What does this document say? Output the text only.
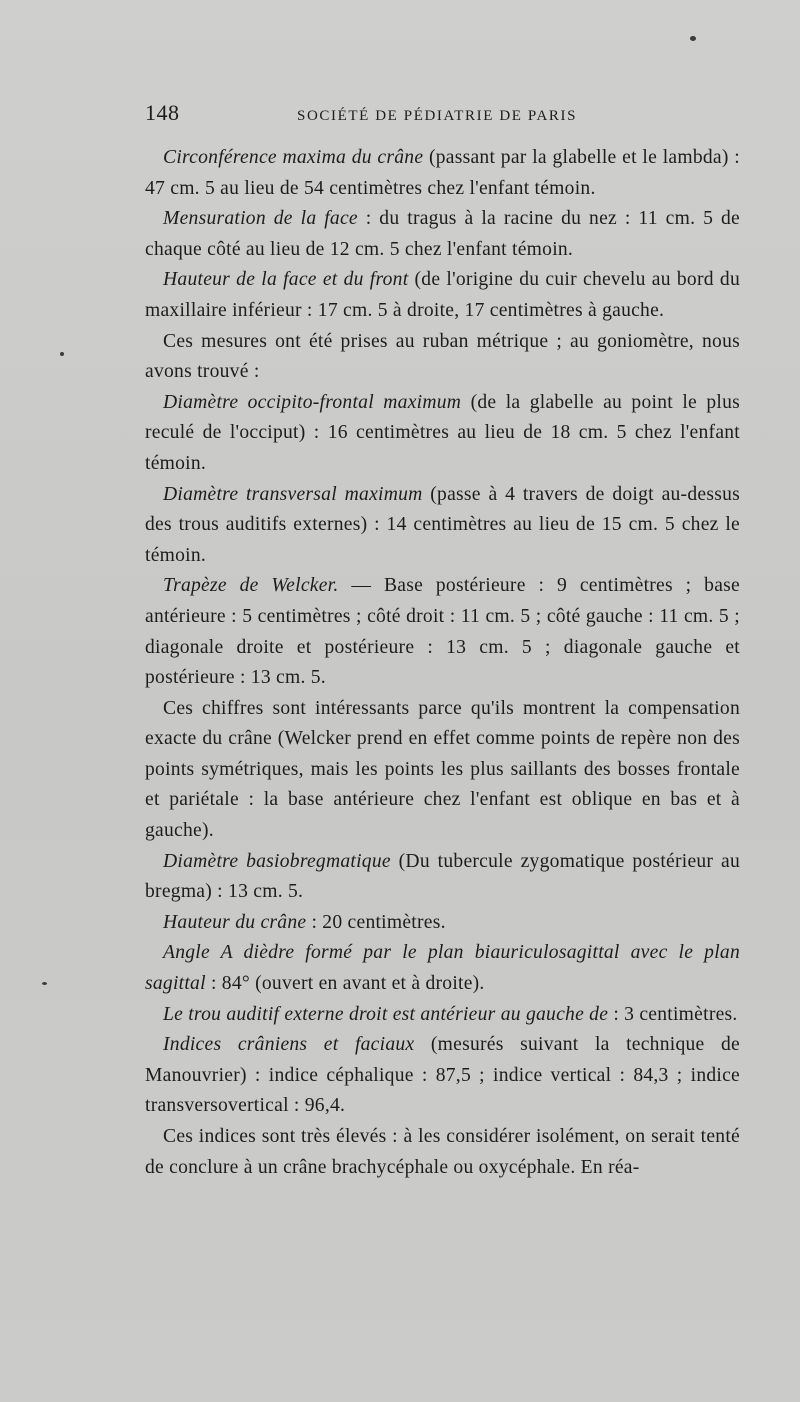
148	SOCIÉTÉ DE PÉDIATRIE DE PARIS

Circonférence maxima du crâne (passant par la glabelle et le lambda) : 47 cm. 5 au lieu de 54 centimètres chez l'enfant témoin.

Mensuration de la face : du tragus à la racine du nez : 11 cm. 5 de chaque côté au lieu de 12 cm. 5 chez l'enfant témoin.

Hauteur de la face et du front (de l'origine du cuir chevelu au bord du maxillaire inférieur : 17 cm. 5 à droite, 17 centimètres à gauche.

Ces mesures ont été prises au ruban métrique ; au goniomètre, nous avons trouvé :

Diamètre occipito-frontal maximum (de la glabelle au point le plus reculé de l'occiput) : 16 centimètres au lieu de 18 cm. 5 chez l'enfant témoin.

Diamètre transversal maximum (passe à 4 travers de doigt au-dessus des trous auditifs externes) : 14 centimètres au lieu de 15 cm. 5 chez le témoin.

Trapèze de Welcker. — Base postérieure : 9 centimètres ; base antérieure : 5 centimètres ; côté droit : 11 cm. 5 ; côté gauche : 11 cm. 5 ; diagonale droite et postérieure : 13 cm. 5 ; diagonale gauche et postérieure : 13 cm. 5.

Ces chiffres sont intéressants parce qu'ils montrent la compensation exacte du crâne (Welcker prend en effet comme points de repère non des points symétriques, mais les points les plus saillants des bosses frontale et pariétale : la base antérieure chez l'enfant est oblique en bas et à gauche).

Diamètre basiobregmatique (Du tubercule zygomatique postérieur au bregma) : 13 cm. 5.

Hauteur du crâne : 20 centimètres.

Angle A dièdre formé par le plan biauriculosagittal avec le plan sagittal : 84° (ouvert en avant et à droite).

Le trou auditif externe droit est antérieur au gauche de : 3 centimètres.

Indices crâniens et faciaux (mesurés suivant la technique de Manouvrier) : indice céphalique : 87,5 ; indice vertical : 84,3 ; indice transversovertical : 96,4.

Ces indices sont très élevés : à les considérer isolément, on serait tenté de conclure à un crâne brachycéphale ou oxycéphale. En réa-
